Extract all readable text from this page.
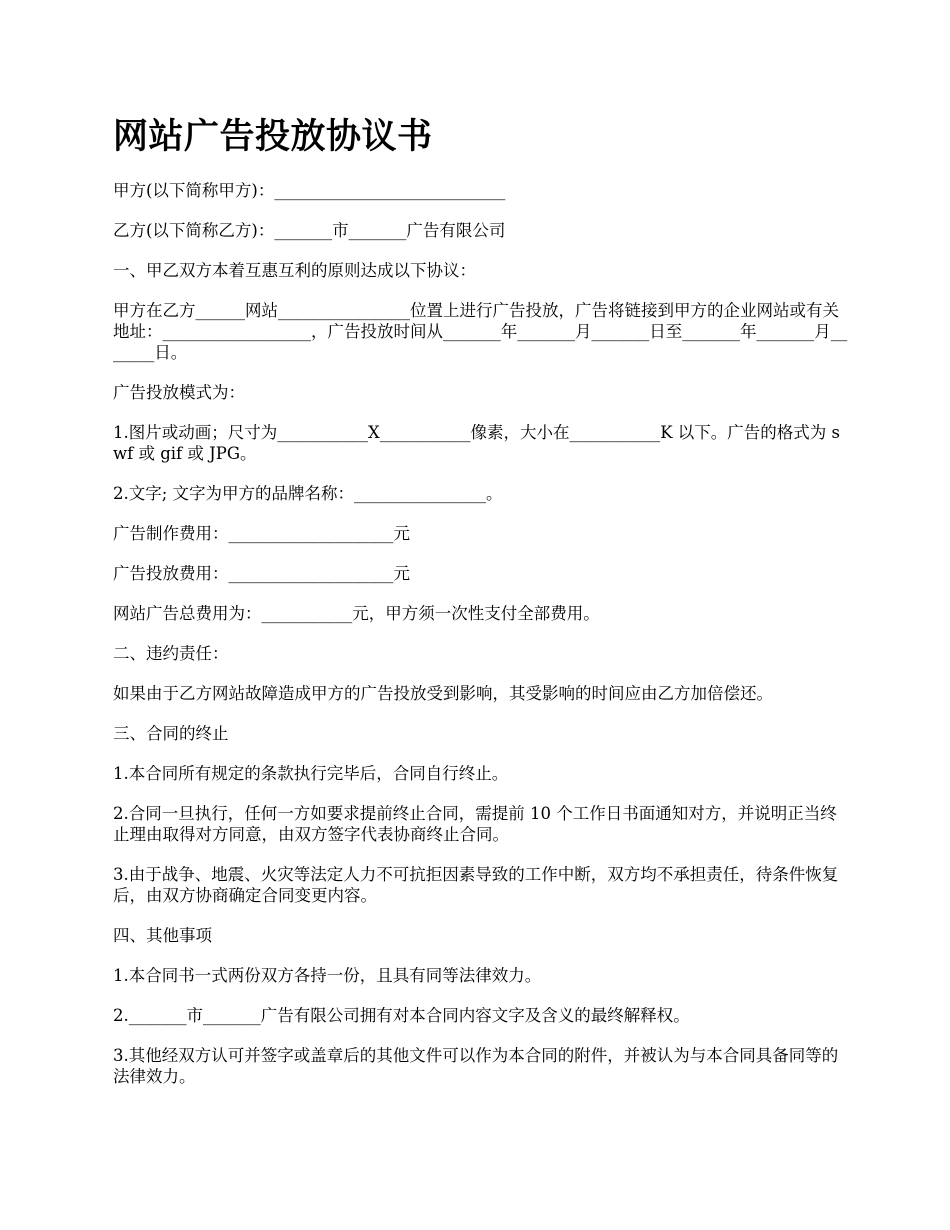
网站广告投放协议书

甲方(以下简称甲方)：____________________________

乙方(以下简称乙方)：_______市_______广告有限公司

一、甲乙双方本着互惠互利的原则达成以下协议：

甲方在乙方______网站________________位置上进行广告投放，广告将链接到甲方的企业网站或有关地址：__________________，广告投放时间从_______年_______月_______日至_______年_______月_______日。

广告投放模式为：

1.图片或动画；尺寸为___________X___________像素，大小在___________K 以下。广告的格式为 swf 或 gif 或 JPG。

2.文字; 文字为甲方的品牌名称：________________。

广告制作费用：____________________元

广告投放费用：____________________元

网站广告总费用为：___________元，甲方须一次性支付全部费用。

二、违约责任：

如果由于乙方网站故障造成甲方的广告投放受到影响，其受影响的时间应由乙方加倍偿还。

三、合同的终止

1.本合同所有规定的条款执行完毕后，合同自行终止。

2.合同一旦执行，任何一方如要求提前终止合同，需提前 10 个工作日书面通知对方，并说明正当终止理由取得对方同意，由双方签字代表协商终止合同。

3.由于战争、地震、火灾等法定人力不可抗拒因素导致的工作中断，双方均不承担责任，待条件恢复后，由双方协商确定合同变更内容。

四、其他事项

1.本合同书一式两份双方各持一份，且具有同等法律效力。

2._______市_______广告有限公司拥有对本合同内容文字及含义的最终解释权。

3.其他经双方认可并签字或盖章后的其他文件可以作为本合同的附件，并被认为与本合同具备同等的法律效力。
